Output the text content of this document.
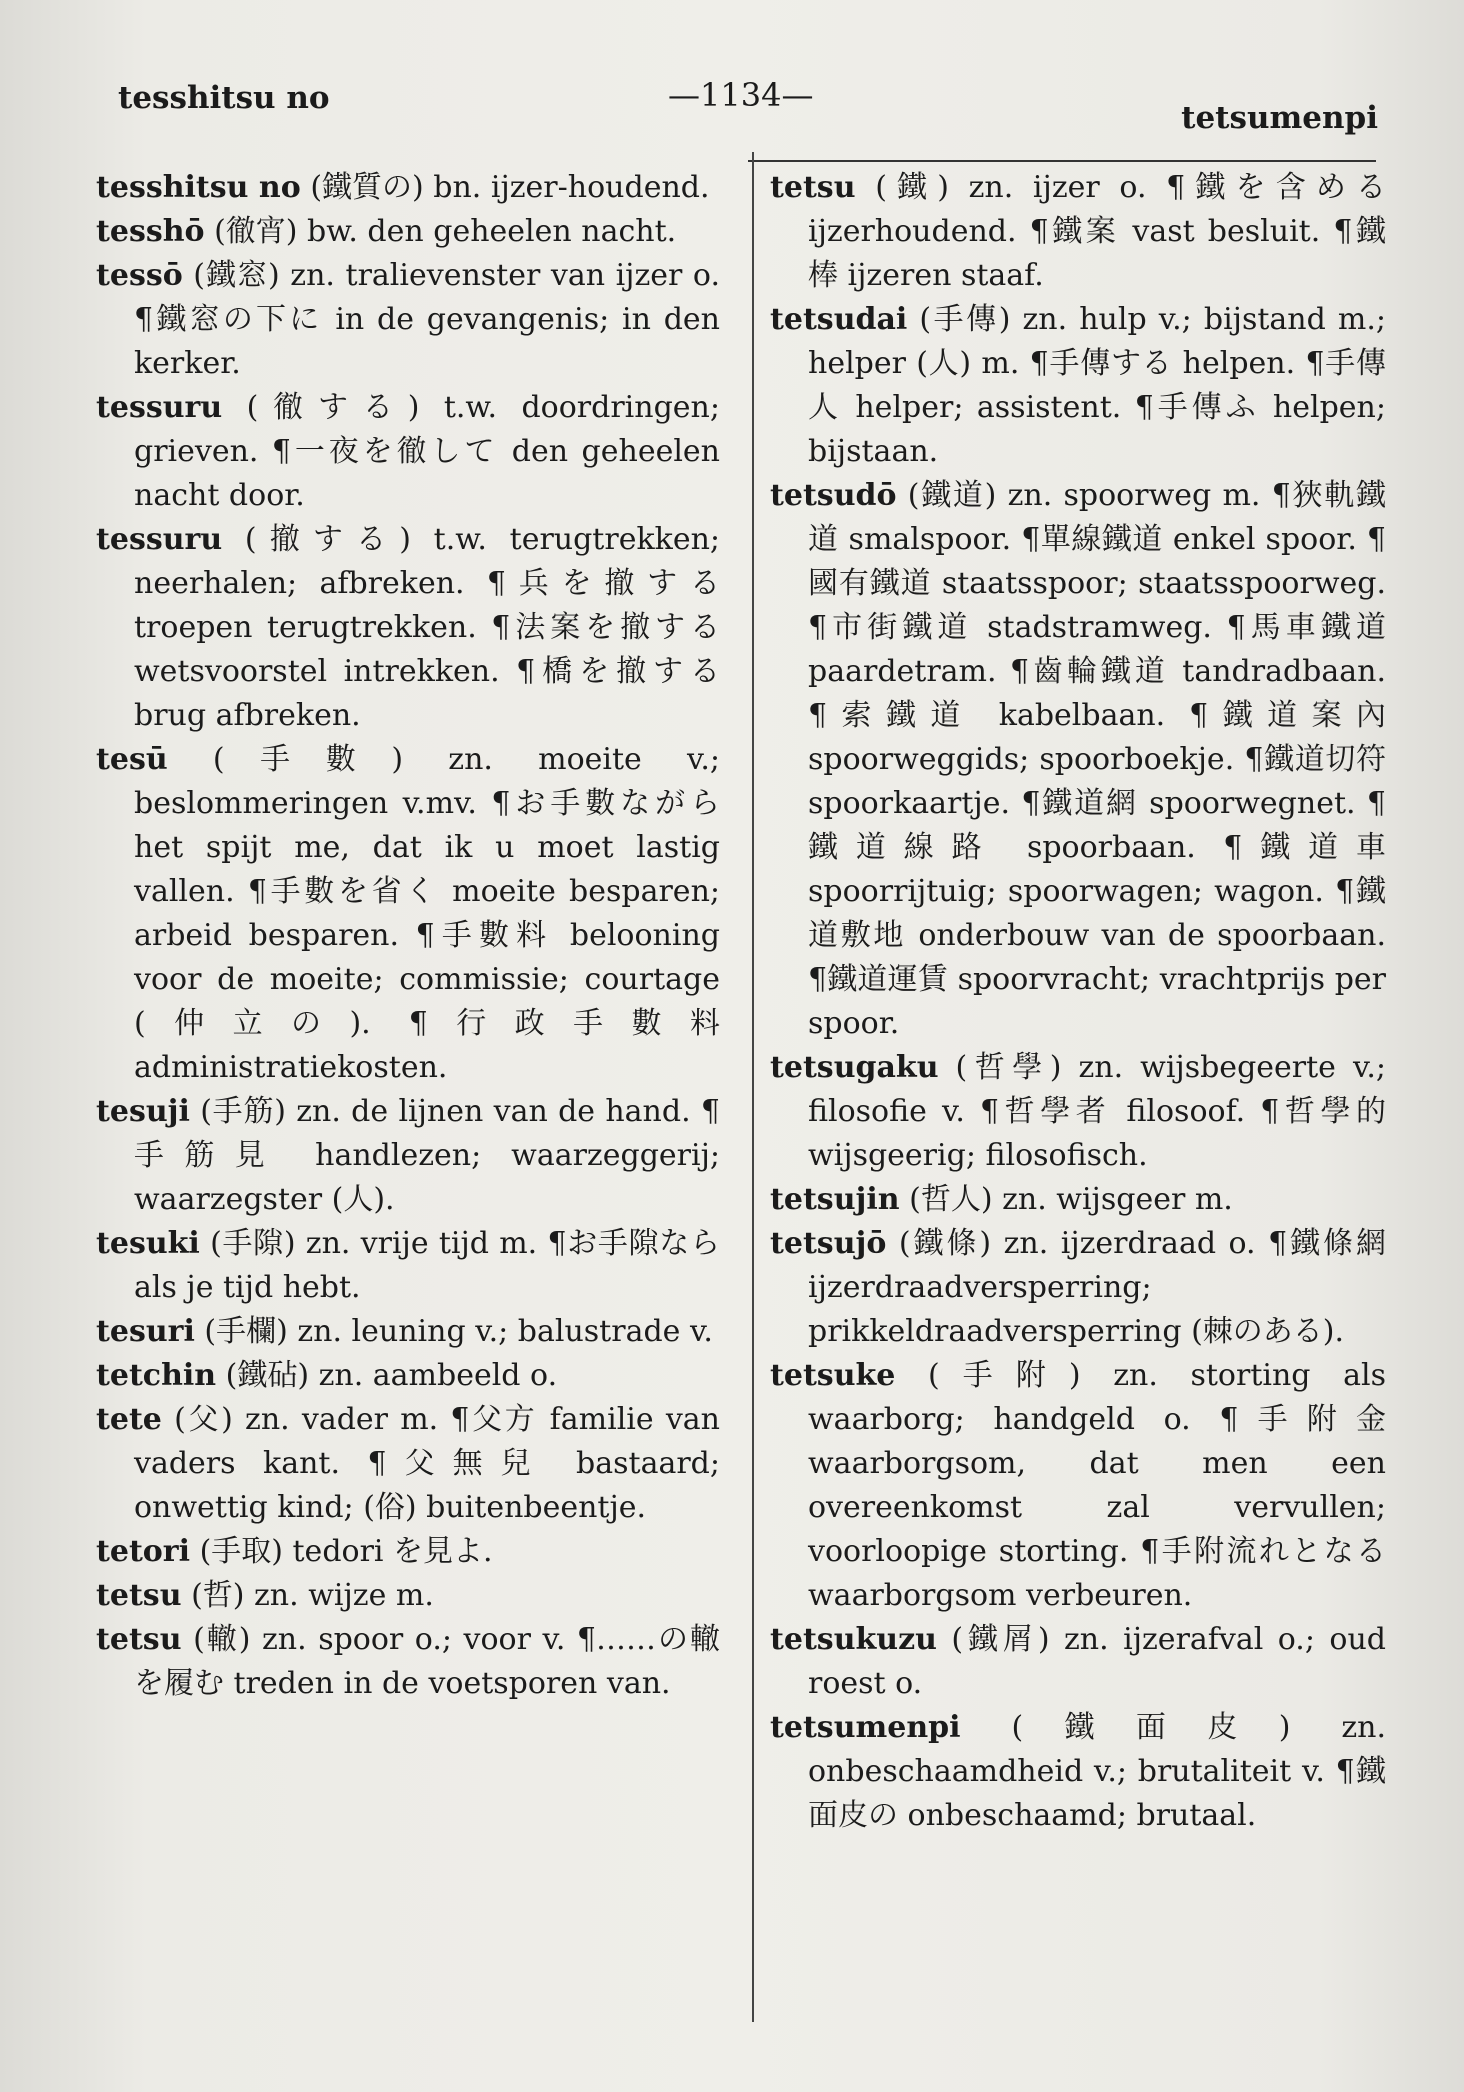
tesshitsu no	—1134—
tetsumenpi
tesshitsu no (鐵質の) bn. ijzer-houdend.
tesshō (徹宵) bw. den geheelen nacht.
tessō (鐵窓) zn. tralievenster van ijzer o. ¶鐵窓の下に in de gevangenis; in den kerker.
tessuru (徹する) t.w. doordringen; grieven. ¶一夜を徹して den geheelen nacht door.
tessuru (撤する) t.w. terugtrekken; neerhalen; afbreken. ¶兵を撤する troepen terugtrekken. ¶法案を撤する wetsvoorstel intrekken. ¶橋を撤する brug afbreken.
tesū (手數) zn. moeite v.; beslommeringen v.mv. ¶お手數ながら het spijt me, dat ik u moet lastig vallen. ¶手數を省く moeite besparen; arbeid besparen. ¶手數料 belooning voor de moeite; commissie; courtage (仲立の). ¶行政手數料 administratiekosten.
tesuji (手筋) zn. de lijnen van de hand. ¶手筋見 handlezen; waarzeggerij; waarzegster (人).
tesuki (手隙) zn. vrije tijd m. ¶お手隙なら als je tijd hebt.
tesuri (手欄) zn. leuning v.; balustrade v.
tetchin (鐵砧) zn. aambeeld o.
tete (父) zn. vader m. ¶父方 familie van vaders kant. ¶父無兒 bastaard; onwettig kind; (俗) buitenbeentje.
tetori (手取) tedori を見よ.
tetsu (哲) zn. wijze m.
tetsu (轍) zn. spoor o.; voor v. ¶……の轍を履む treden in de voetsporen van.
tetsu (鐵) zn. ijzer o. ¶鐵を含める ijzerhoudend. ¶鐵案 vast besluit. ¶鐵棒 ijzeren staaf.
tetsudai (手傳) zn. hulp v.; bijstand m.; helper (人) m. ¶手傳する helpen. ¶手傳人 helper; assistent. ¶手傳ふ helpen; bijstaan.
tetsudō (鐵道) zn. spoorweg m. ¶狹軌鐵道 smalspoor. ¶單線鐵道 enkel spoor. ¶國有鐵道 staatsspoor; staatsspoorweg. ¶市街鐵道 stadstramweg. ¶馬車鐵道 paardetram. ¶齒輪鐵道 tandradbaan. ¶索鐵道 kabelbaan. ¶鐵道案內 spoorweggids; spoorboekje. ¶鐵道切符 spoorkaartje. ¶鐵道網 spoorwegnet. ¶鐵道線路 spoorbaan. ¶鐵道車 spoorrijtuig; spoorwagen; wagon. ¶鐵道敷地 onderbouw van de spoorbaan. ¶鐵道運賃 spoorvracht; vrachtprijs per spoor.
tetsugaku (哲學) zn. wijsbegeerte v.; filosofie v. ¶哲學者 filosoof. ¶哲學的 wijsgeerig; filosofisch.
tetsujin (哲人) zn. wijsgeer m.
tetsujō (鐵條) zn. ijzerdraad o. ¶鐵條網 ijzerdraadversperring; prikkeldraadversperring (棘のある).
tetsuke (手附) zn. storting als waarborg; handgeld o. ¶手附金 waarborgsom, dat men een overeenkomst zal vervullen; voorloopige storting. ¶手附流れとなる waarborgsom verbeuren.
tetsukuzu (鐵屑) zn. ijzerafval o.; oud roest o.
tetsumenpi (鐵面皮) zn. onbeschaamdheid v.; brutaliteit v. ¶鐵面皮の onbeschaamd; brutaal.
